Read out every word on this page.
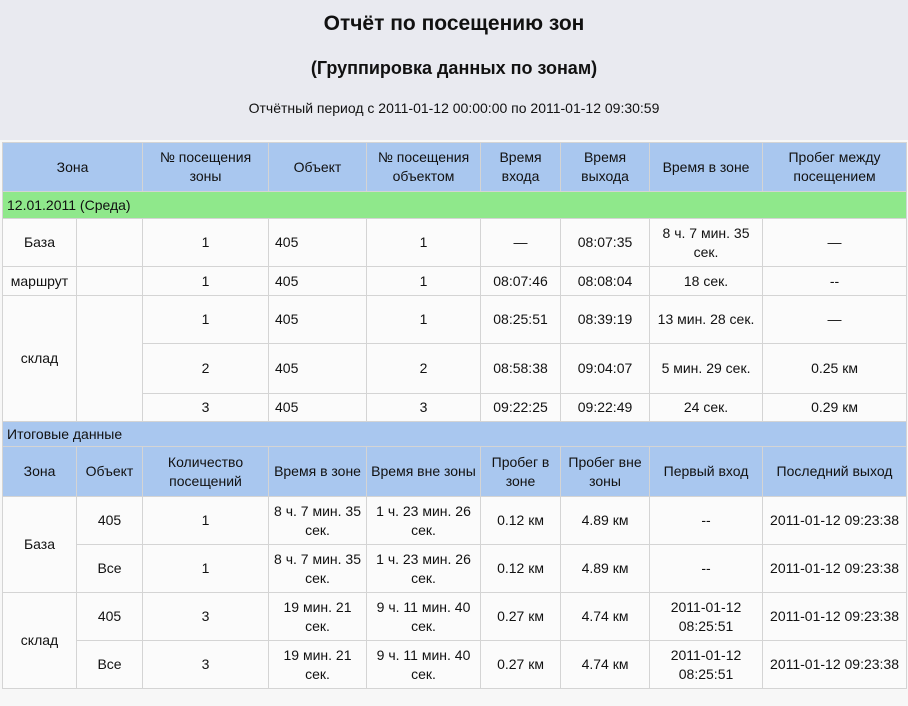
Отчёт по посещению зон
(Группировка данных по зонам)
Отчётный период с 2011-01-12 00:00:00 по 2011-01-12 09:30:59
Зона		№ посещения зоны	Объект	№ посещения объектом	Время входа	Время выхода	Время в зоне	Пробег между посещением
12.01.2011 (Среда)								
База		1	405	1	—	08:07:35	8 ч. 7 мин. 35 сек.	—
маршрут		1	405	1	08:07:46	08:08:04	18 сек.	--
склад		1	405	1	08:25:51	08:39:19	13 мин. 28 сек.	—
		2	405	2	08:58:38	09:04:07	5 мин. 29 сек.	0.25 км
		3	405	3	09:22:25	09:22:49	24 сек.	0.29 км
Итоговые данные								
Зона	Объект	Количество посещений	Время в зоне	Время вне зоны	Пробег в зоне	Пробег вне зоны	Первый вход	Последний выход
База	405	1	8 ч. 7 мин. 35 сек.	1 ч. 23 мин. 26 сек.	0.12 км	4.89 км	--	2011-01-12 09:23:38
	Все	1	8 ч. 7 мин. 35 сек.	1 ч. 23 мин. 26 сек.	0.12 км	4.89 км	--	2011-01-12 09:23:38
склад	405	3	19 мин. 21 сек.	9 ч. 11 мин. 40 сек.	0.27 км	4.74 км	2011-01-12 08:25:51	2011-01-12 09:23:38
	Все	3	19 мин. 21 сек.	9 ч. 11 мин. 40 сек.	0.27 км	4.74 км	2011-01-12 08:25:51	2011-01-12 09:23:38
